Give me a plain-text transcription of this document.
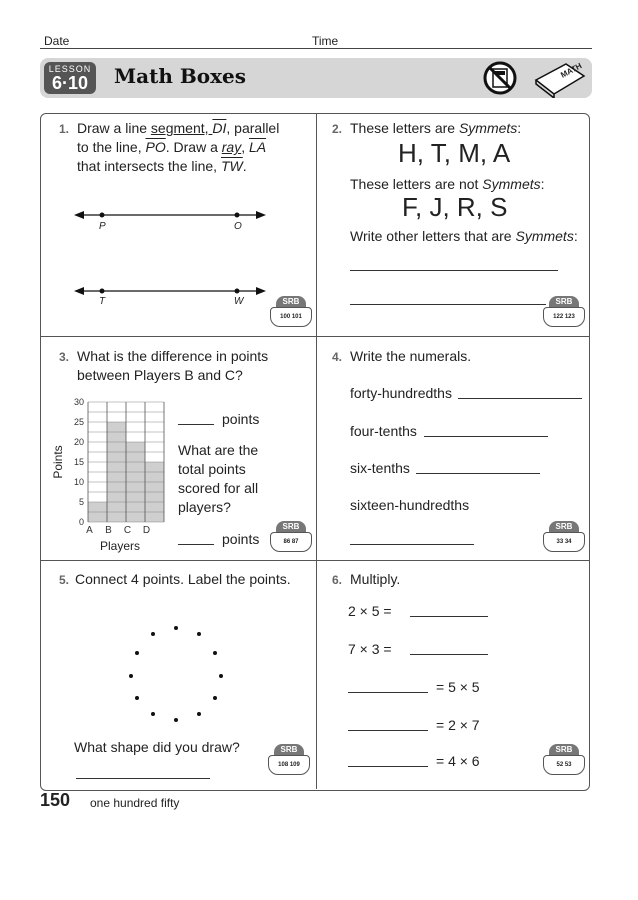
Date	Time
LESSON
6·10	Math Boxes	MATH
1. Draw a line segment, $\overline{DI}$, parallel
to the line, $\overline{PO}$. Draw a ray, $\overline{LA}$
that intersects the line, $\overline{TW}$.
P	O
T	W	SRB
100 101
2. These letters are Symmets:
H, T, M, A
These letters are not Symmets:
F, J, R, S
Write other letters that are Symmets:
SRB
122 123
3. What is the difference in points
between Players B and C?
0
5
10
15
20
25
30
A B C D
Players
Points
points
What are the
total points
scored for all
players?
points
SRB
86 87
4. Write the numerals.
forty-hundredths
four-tenths
six-tenths
sixteen-hundredths
SRB
33 34
5. Connect 4 points. Label the points.
What shape did you draw?	SRB
108 109
6. Multiply.
2 × 5 =
7 × 3 =
= 5 × 5
= 2 × 7
= 4 × 6
SRB
52 53
150 one hundred fifty
